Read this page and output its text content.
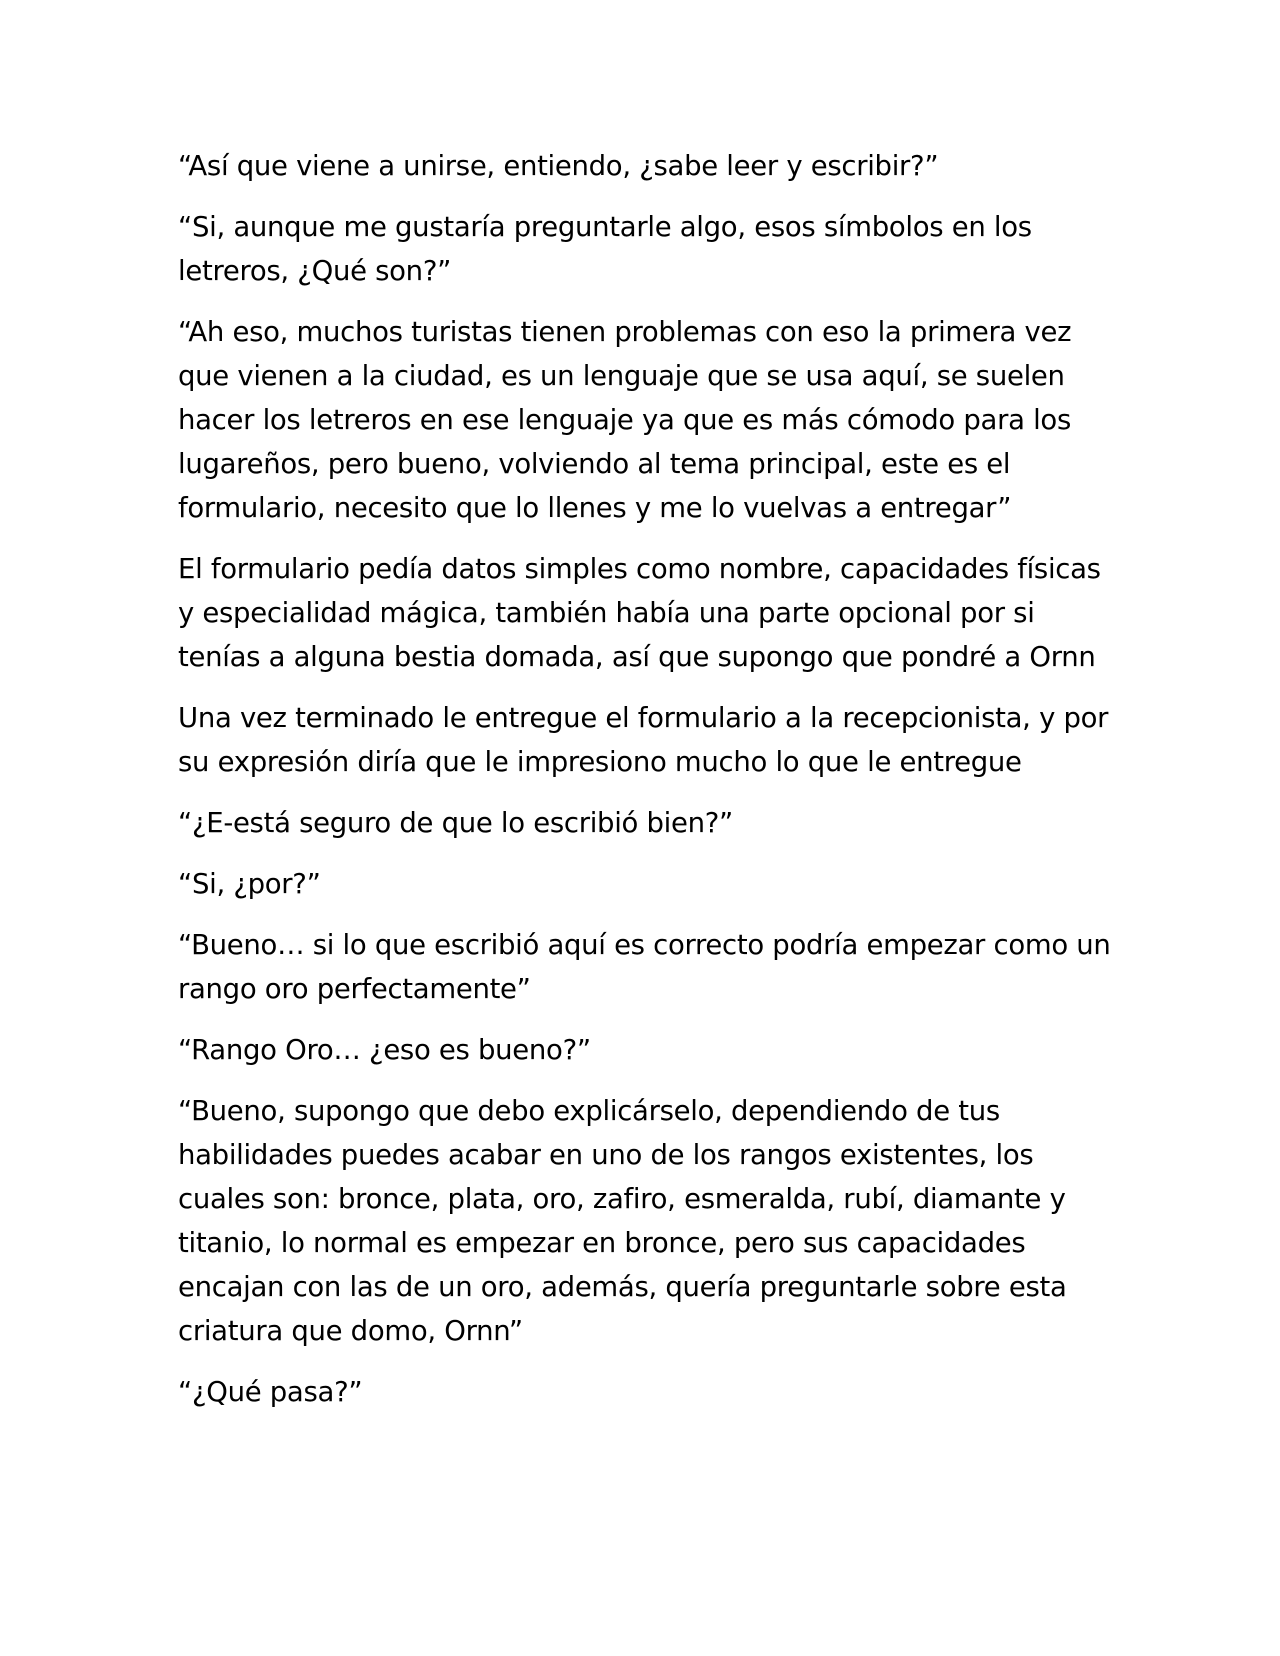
“Así que viene a unirse, entiendo, ¿sabe leer y escribir?”

“Si, aunque me gustaría preguntarle algo, esos símbolos en los letreros, ¿Qué son?”

“Ah eso, muchos turistas tienen problemas con eso la primera vez que vienen a la ciudad, es un lenguaje que se usa aquí, se suelen hacer los letreros en ese lenguaje ya que es más cómodo para los lugareños, pero bueno, volviendo al tema principal, este es el formulario, necesito que lo llenes y me lo vuelvas a entregar”

El formulario pedía datos simples como nombre, capacidades físicas y especialidad mágica, también había una parte opcional por si tenías a alguna bestia domada, así que supongo que pondré a Ornn

Una vez terminado le entregue el formulario a la recepcionista, y por su expresión diría que le impresiono mucho lo que le entregue

“¿E-está seguro de que lo escribió bien?”

“Si, ¿por?”

“Bueno… si lo que escribió aquí es correcto podría empezar como un rango oro perfectamente”

“Rango Oro… ¿eso es bueno?”

“Bueno, supongo que debo explicárselo, dependiendo de tus habilidades puedes acabar en uno de los rangos existentes, los cuales son: bronce, plata, oro, zafiro, esmeralda, rubí, diamante y titanio, lo normal es empezar en bronce, pero sus capacidades encajan con las de un oro, además, quería preguntarle sobre esta criatura que domo, Ornn”

“¿Qué pasa?”
